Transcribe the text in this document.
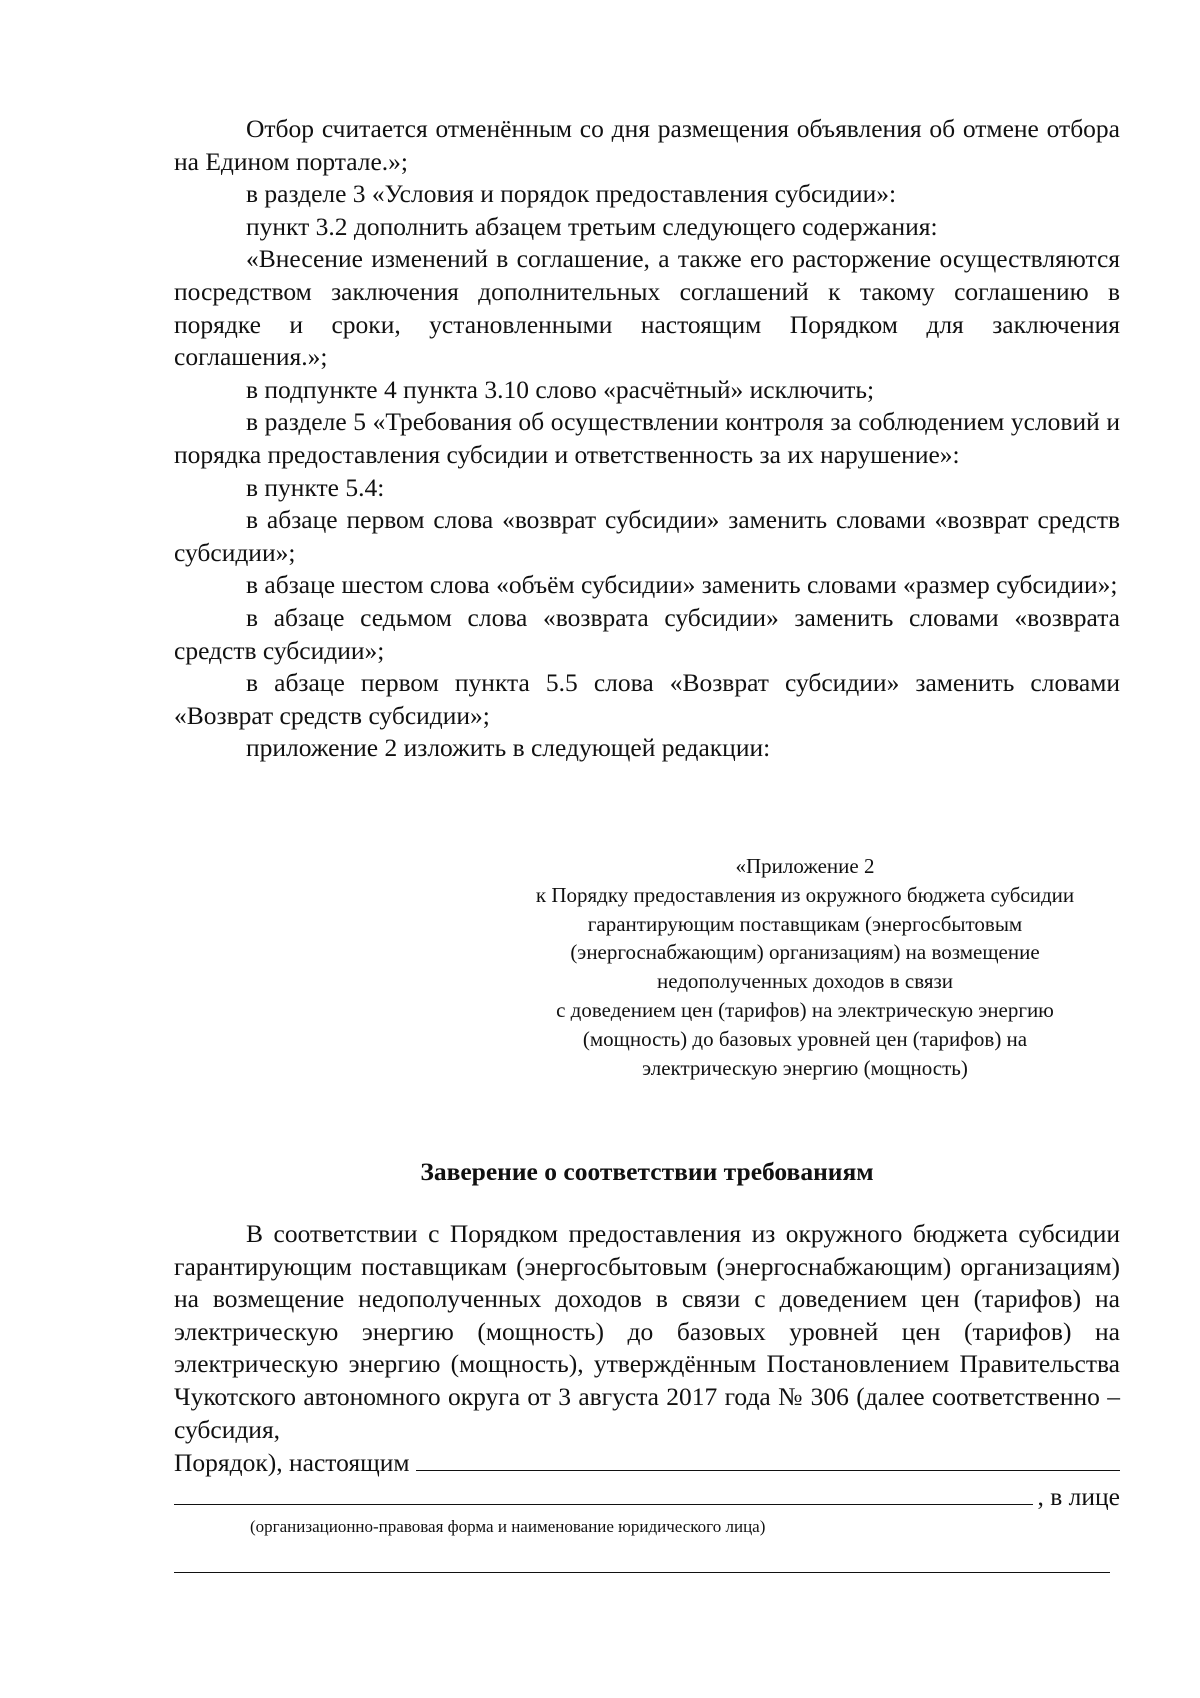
Отбор считается отменённым со дня размещения объявления об отмене отбора на Едином портале.»;

в разделе 3 «Условия и порядок предоставления субсидии»:

пункт 3.2 дополнить абзацем третьим следующего содержания:

«Внесение изменений в соглашение, а также его расторжение осуществляются посредством заключения дополнительных соглашений к такому соглашению в порядке и сроки, установленными настоящим Порядком для заключения соглашения.»;

в подпункте 4 пункта 3.10 слово «расчётный» исключить;

в разделе 5 «Требования об осуществлении контроля за соблюдением условий и порядка предоставления субсидии и ответственность за их нарушение»:

в пункте 5.4:

в абзаце первом слова «возврат субсидии» заменить словами «возврат средств субсидии»;

в абзаце шестом слова «объём субсидии» заменить словами «размер субсидии»;

в абзаце седьмом слова «возврата субсидии» заменить словами «возврата средств субсидии»;

в абзаце первом пункта 5.5 слова «Возврат субсидии» заменить словами «Возврат средств субсидии»;

приложение 2 изложить в следующей редакции:

«Приложение 2

к Порядку предоставления из окружного бюджета субсидии

гарантирующим поставщикам (энергосбытовым

(энергоснабжающим) организациям) на возмещение

недополученных доходов в связи

с доведением цен (тарифов) на электрическую энергию

(мощность) до базовых уровней цен (тарифов) на

электрическую энергию (мощность)

Заверение о соответствии требованиям

В соответствии с Порядком предоставления из окружного бюджета субсидии гарантирующим поставщикам (энергосбытовым (энергоснабжающим) организациям) на возмещение недополученных доходов в связи с доведением цен (тарифов) на электрическую энергию (мощность) до базовых уровней цен (тарифов) на электрическую энергию (мощность), утверждённым Постановлением Правительства Чукотского автономного округа от 3 августа 2017 года № 306 (далее соответственно – субсидия,

Порядок), настоящим
, в лице
(организационно-правовая форма и наименование юридического лица)
